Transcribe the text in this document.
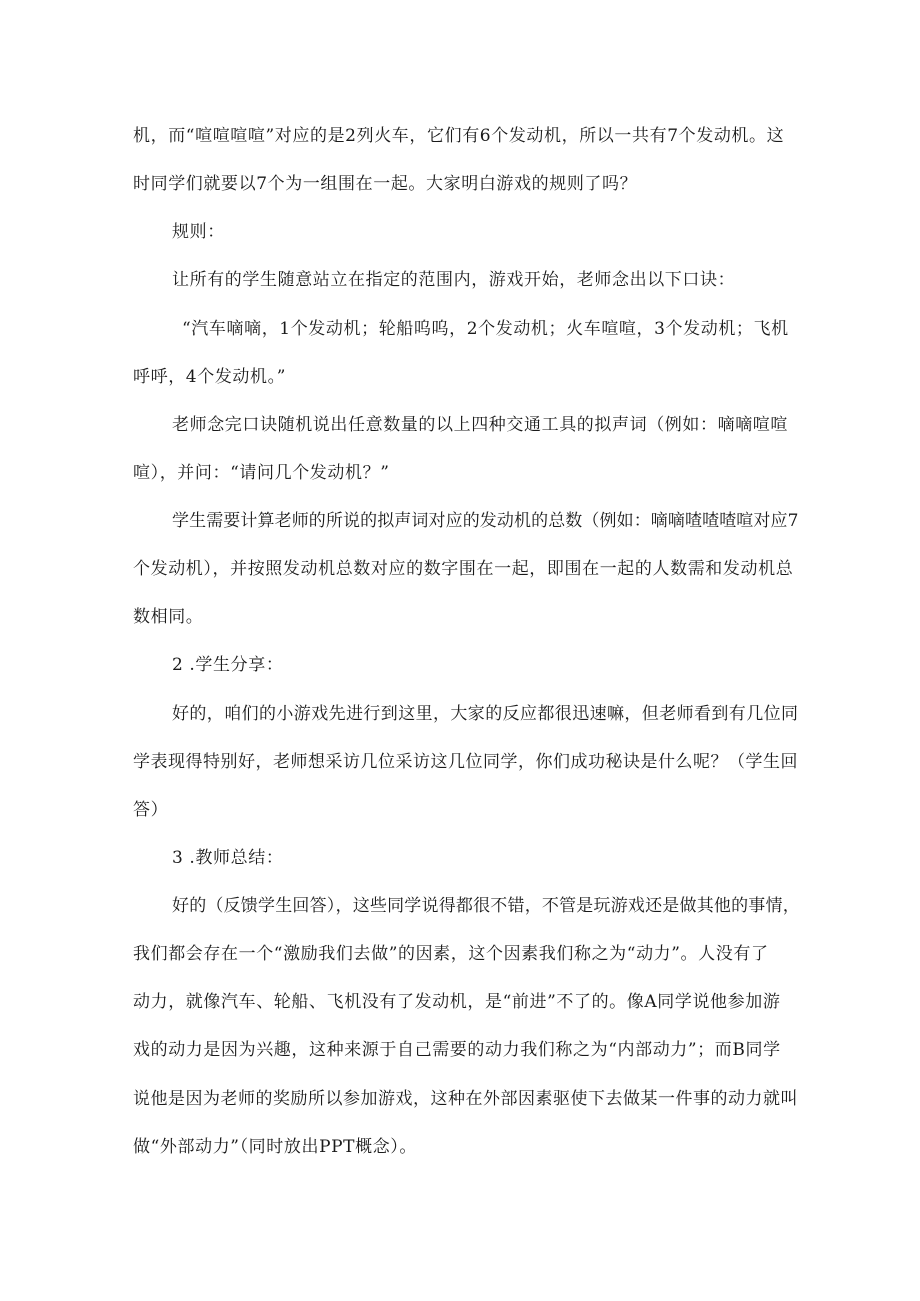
机，而“喧喧喧喧”对应的是2列火车，它们有6个发动机，所以一共有7个发动机。这
时同学们就要以7个为一组围在一起。大家明白游戏的规则了吗？
规则：
让所有的学生随意站立在指定的范围内，游戏开始，老师念出以下口诀：
“汽车嘀嘀，1个发动机；轮船呜呜，2个发动机；火车喧喧，3个发动机；飞机
呼呼，4个发动机。”
老师念完口诀随机说出任意数量的以上四种交通工具的拟声词（例如：嘀嘀喧喧
喧），并问：“请问几个发动机？”
学生需要计算老师的所说的拟声词对应的发动机的总数（例如：嘀嘀喳喳喳喧对应7
个发动机），并按照发动机总数对应的数字围在一起，即围在一起的人数需和发动机总
数相同。
2 .学生分享：
好的，咱们的小游戏先进行到这里，大家的反应都很迅速嘛，但老师看到有几位同
学表现得特别好，老师想采访几位采访这几位同学，你们成功秘诀是什么呢？（学生回
答）
3 .教师总结：
好的（反馈学生回答），这些同学说得都很不错，不管是玩游戏还是做其他的事情，
我们都会存在一个“激励我们去做”的因素，这个因素我们称之为“动力”。人没有了
动力，就像汽车、轮船、飞机没有了发动机，是“前进”不了的。像A同学说他参加游
戏的动力是因为兴趣，这种来源于自己需要的动力我们称之为“内部动力”；而B同学
说他是因为老师的奖励所以参加游戏，这种在外部因素驱使下去做某一件事的动力就叫
做“外部动力”（同时放出PPT概念）。
